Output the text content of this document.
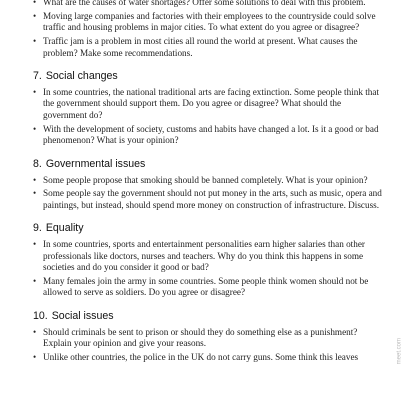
• What are the causes of water shortages? Offer some solutions to deal with this problem.
• Moving large companies and factories with their employees to the countryside could solve traffic and housing problems in major cities. To what extent do you agree or disagree?
• Traffic jam is a problem in most cities all round the world at present. What causes the problem? Make some recommendations.
7. Social changes
• In some countries, the national traditional arts are facing extinction. Some people think that the government should support them. Do you agree or disagree? What should the government do?
• With the development of society, customs and habits have changed a lot. Is it a good or bad phenomenon? What is your opinion?
8. Governmental issues
• Some people propose that smoking should be banned completely. What is your opinion?
• Some people say the government should not put money in the arts, such as music, opera and paintings, but instead, should spend more money on construction of infrastructure. Discuss.
9. Equality
• In some countries, sports and entertainment personalities earn higher salaries than other professionals like doctors, nurses and teachers. Why do you think this happens in some societies and do you consider it good or bad?
• Many females join the army in some countries. Some people think women should not be allowed to serve as soldiers. Do you agree or disagree?
10. Social issues
• Should criminals be sent to prison or should they do something else as a punishment? Explain your opinion and give your reasons.
• Unlike other countries, the police in the UK do not carry guns. Some think this leaves	meet.com
